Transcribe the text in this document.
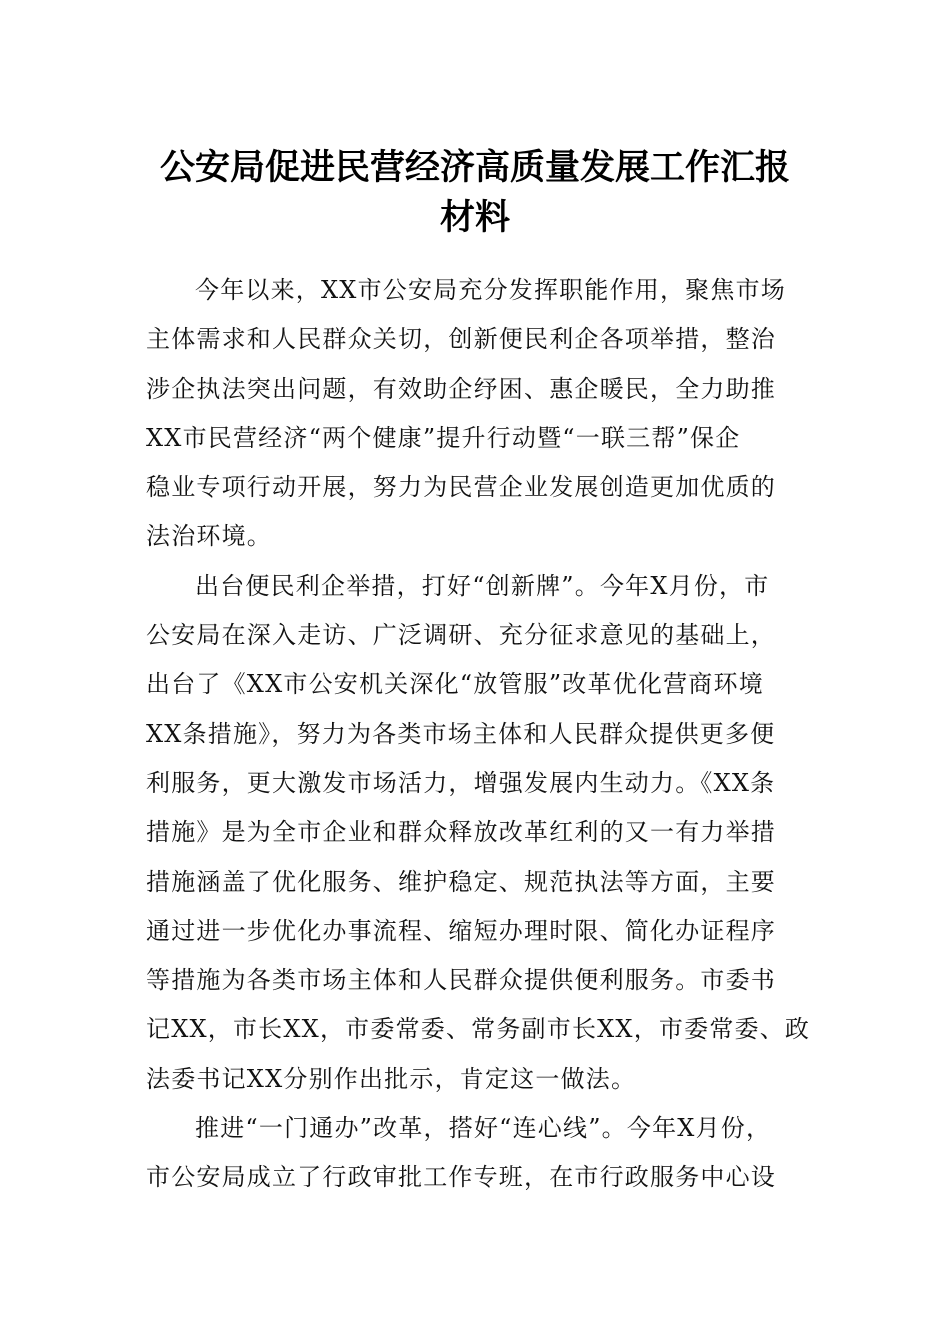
公安局促进民营经济高质量发展工作汇报
材料
今年以来，XX市公安局充分发挥职能作用，聚焦市场
主体需求和人民群众关切，创新便民利企各项举措，整治
涉企执法突出问题，有效助企纾困、惠企暖民，全力助推
XX市民营经济“两个健康”提升行动暨“一联三帮”保企
稳业专项行动开展，努力为民营企业发展创造更加优质的
法治环境。
出台便民利企举措，打好“创新牌”。今年X月份，市
公安局在深入走访、广泛调研、充分征求意见的基础上，
出台了《XX市公安机关深化“放管服”改革优化营商环境
XX条措施》，努力为各类市场主体和人民群众提供更多便
利服务，更大激发市场活力，增强发展内生动力。《XX条
措施》是为全市企业和群众释放改革红利的又一有力举措
措施涵盖了优化服务、维护稳定、规范执法等方面，主要
通过进一步优化办事流程、缩短办理时限、简化办证程序
等措施为各类市场主体和人民群众提供便利服务。市委书
记XX，市长XX，市委常委、常务副市长XX，市委常委、政
法委书记XX分别作出批示，肯定这一做法。
推进“一门通办”改革，搭好“连心线”。今年X月份，
市公安局成立了行政审批工作专班，在市行政服务中心设
